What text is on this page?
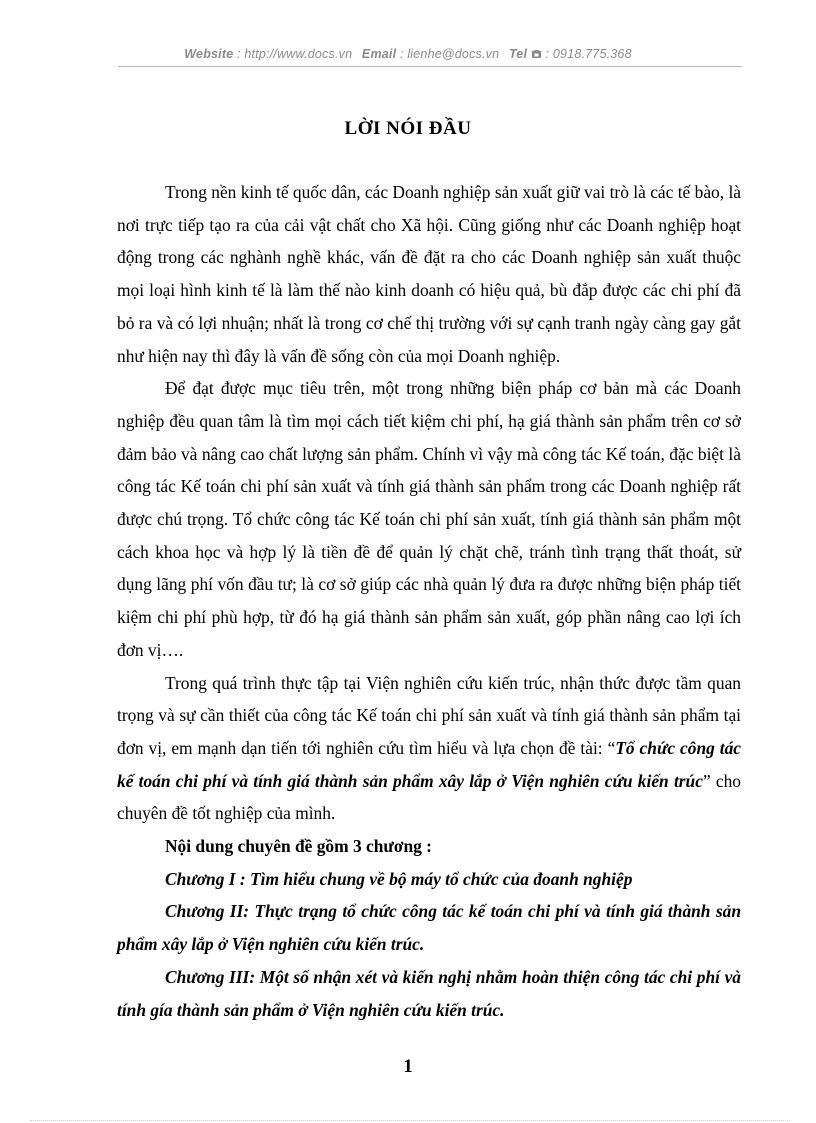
Website : http://www.docs.vn Email : lienhe@docs.vn Tel : 0918.775.368
LỜI NÓI ĐẦU

Trong nền kinh tế quốc dân, các Doanh nghiệp sản xuất giữ vai trò là các tế bào, là nơi trực tiếp tạo ra của cải vật chất cho Xã hội. Cũng giống như các Doanh nghiệp hoạt động trong các nghành nghề khác, vấn đề đặt ra cho các Doanh nghiệp sản xuất thuộc mọi loại hình kinh tế là làm thế nào kinh doanh có hiệu quả, bù đắp được các chi phí đã bỏ ra và có lợi nhuận; nhất là trong cơ chế thị trường với sự cạnh tranh ngày càng gay gắt như hiện nay thì đây là vấn đề sống còn của mọi Doanh nghiệp.

Để đạt được mục tiêu trên, một trong những biện pháp cơ bản mà các Doanh nghiệp đều quan tâm là tìm mọi cách tiết kiệm chi phí, hạ giá thành sản phẩm trên cơ sở đảm bảo và nâng cao chất lượng sản phẩm. Chính vì vậy mà công tác Kế toán, đặc biệt là công tác Kế toán chi phí sản xuất và tính giá thành sản phẩm trong các Doanh nghiệp rất được chú trọng. Tổ chức công tác Kế toán chi phí sản xuất, tính giá thành sản phẩm một cách khoa học và hợp lý là tiền đề để quản lý chặt chẽ, tránh tình trạng thất thoát, sử dụng lãng phí vốn đầu tư; là cơ sở giúp các nhà quản lý đưa ra được những biện pháp tiết kiệm chi phí phù hợp, từ đó hạ giá thành sản phẩm sản xuất, góp phần nâng cao lợi ích đơn vị….

Trong quá trình thực tập tại Viện nghiên cứu kiến trúc, nhận thức được tầm quan trọng và sự cần thiết của công tác Kế toán chi phí sản xuất và tính giá thành sản phẩm tại đơn vị, em mạnh dạn tiến tới nghiên cứu tìm hiểu và lựa chọn đề tài: “Tổ chức công tác kế toán chi phí và tính giá thành sản phẩm xây lắp ở Viện nghiên cứu kiến trúc” cho chuyên đề tốt nghiệp của mình.

Nội dung chuyên đề gồm 3 chương :

Chương I : Tìm hiểu chung về bộ máy tổ chức của đoanh nghiệp

Chương II: Thực trạng tổ chức công tác kế toán chi phí và tính giá thành sản phẩm xây lắp ở Viện nghiên cứu kiến trúc.

Chương III: Một số nhận xét và kiến nghị nhằm hoàn thiện công tác chi phí và tính gía thành sản phẩm ở Viện nghiên cứu kiến trúc.

1
